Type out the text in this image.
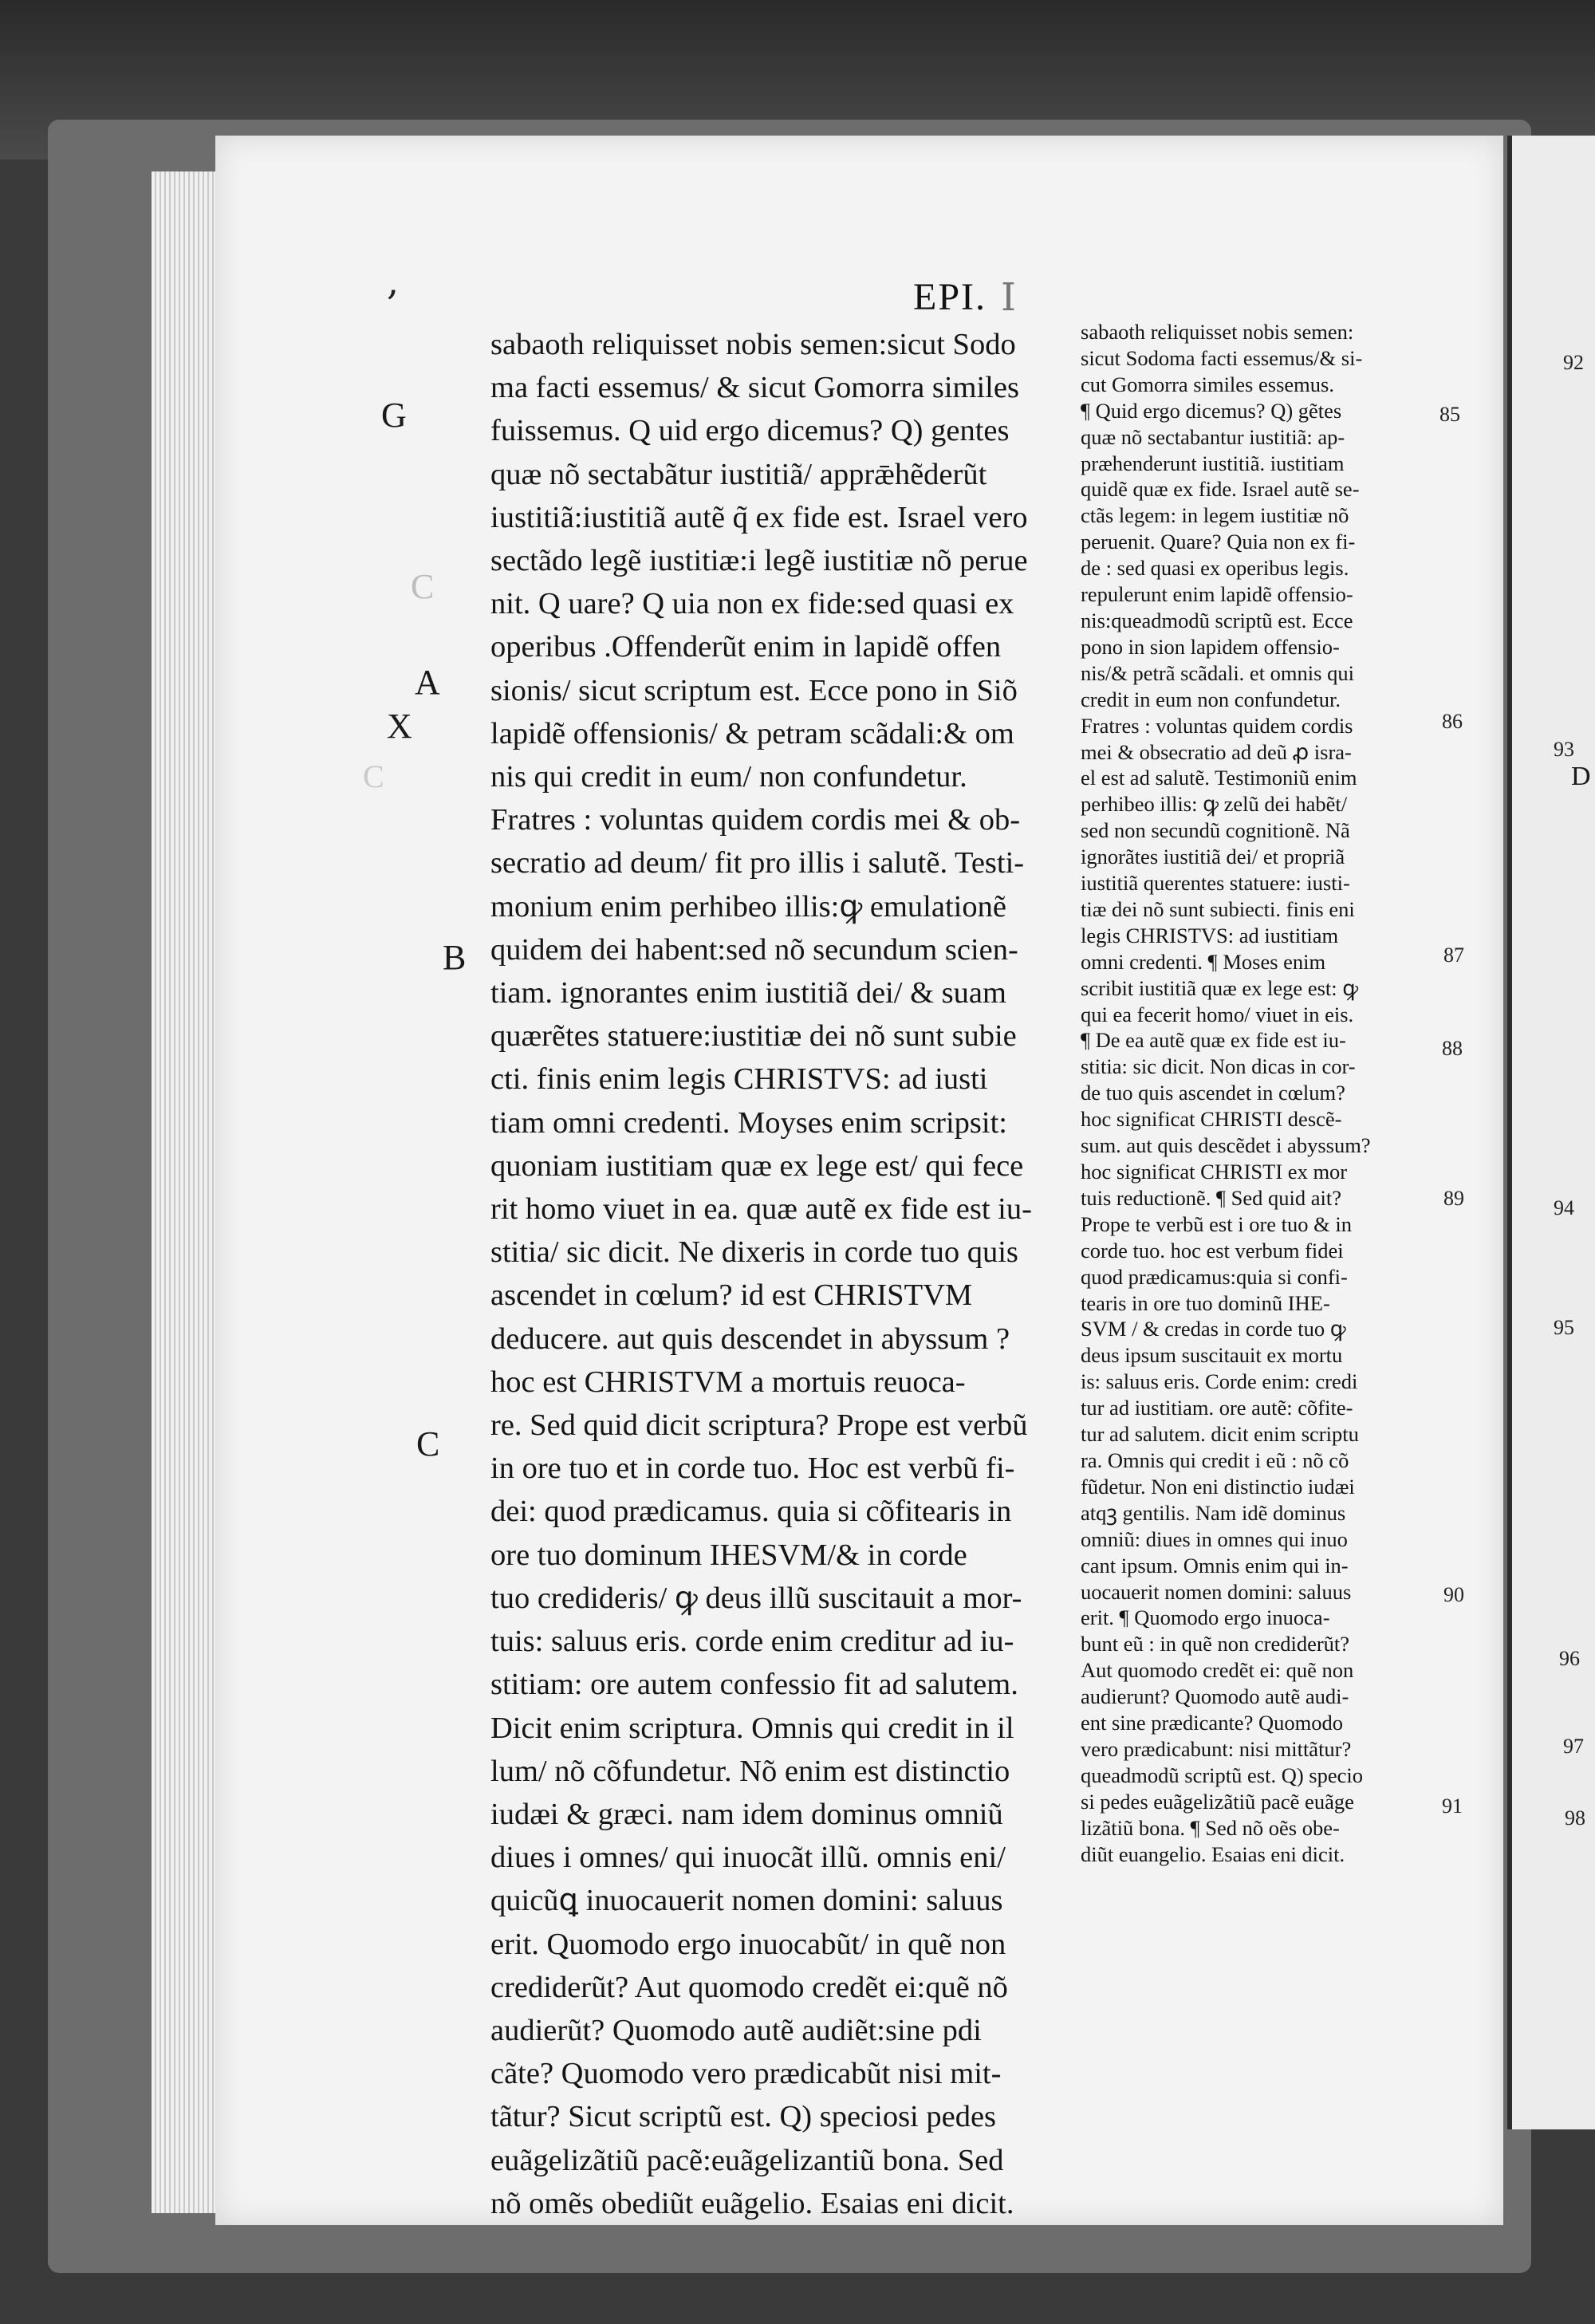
,	EPI. I
C
G
C
A
X
B
C
sabaoth reliquisset nobis semen:sicut Sodo
ma facti essemus/ & sicut Gomorra similes
fuissemus. Q uid ergo dicemus? Q) gentes
quæ nõ sectabãtur iustitiã/ apprǣhẽderũt
iustitiã:iustitiã autẽ q̃ ex fide est. Israel vero
sectãdo legẽ iustitiæ:i legẽ iustitiæ nõ perue
nit. Q uare? Q uia non ex fide:sed quasi ex
operibus .Offenderũt enim in lapidẽ offen
sionis/ sicut scriptum est. Ecce pono in Siõ
lapidẽ offensionis/ & petram scãdali:& om
nis qui credit in eum/ non confundetur.
Fratres : voluntas quidem cordis mei & ob-
secratio ad deum/ fit pro illis i salutẽ. Testi-
monium enim perhibeo illis:ꝙ emulationẽ
quidem dei habent:sed nõ secundum scien-
tiam. ignorantes enim iustitiã dei/ & suam
quærẽtes statuere:iustitiæ dei nõ sunt subie
cti. finis enim legis CHRISTVS: ad iusti
tiam omni credenti. Moyses enim scripsit:
quoniam iustitiam quæ ex lege est/ qui fece
rit homo viuet in ea. quæ autẽ ex fide est iu-
stitia/ sic dicit. Ne dixeris in corde tuo quis
ascendet in cœlum? id est CHRISTVM
deducere. aut quis descendet in abyssum ?
hoc est CHRISTVM a mortuis reuoca-
re. Sed quid dicit scriptura? Prope est verbũ
in ore tuo et in corde tuo. Hoc est verbũ fi-
dei: quod prædicamus. quia si cõfitearis in
ore tuo dominum IHESVM/& in corde
tuo credideris/ ꝙ deus illũ suscitauit a mor-
tuis: saluus eris. corde enim creditur ad iu-
stitiam: ore autem confessio fit ad salutem.
Dicit enim scriptura. Omnis qui credit in il
lum/ nõ cõfundetur. Nõ enim est distinctio
iudæi & græci. nam idem dominus omniũ
diues i omnes/ qui inuocãt illũ. omnis eni/
quicũꝗ inuocauerit nomen domini: saluus
erit. Quomodo ergo inuocabũt/ in quẽ non
crediderũt? Aut quomodo credẽt ei:quẽ nõ
audierũt? Quomodo autẽ audiẽt:sine pdi
cãte? Quomodo vero prædicabũt nisi mit-
tãtur? Sicut scriptũ est. Q) speciosi pedes
euãgelizãtiũ pacẽ:euãgelizantiũ bona. Sed
nõ omẽs obediũt euãgelio. Esaias eni dicit.
sabaoth reliquisset nobis semen:
sicut Sodoma facti essemus/& si-
cut Gomorra similes essemus.
¶ Quid ergo dicemus? Q) gẽtes
quæ nõ sectabantur iustitiã: ap-
præhenderunt iustitiã. iustitiam
quidẽ quæ ex fide. Israel autẽ se-
ctãs legem: in legem iustitiæ nõ
peruenit. Quare? Quia non ex fi-
de : sed quasi ex operibus legis.
repulerunt enim lapidẽ offensio-
nis:queadmodũ scriptũ est. Ecce
pono in sion lapidem offensio-
nis/& petrã scãdali. et omnis qui
credit in eum non confundetur.
Fratres : voluntas quidem cordis
mei & obsecratio ad deũ ꝓ isra-
el est ad salutẽ. Testimoniũ enim
perhibeo illis: ꝙ zelũ dei habẽt/
sed non secundũ cognitionẽ. Nã
ignorãtes iustitiã dei/ et propriã
iustitiã querentes statuere: iusti-
tiæ dei nõ sunt subiecti. finis eni
legis CHRISTVS: ad iustitiam
omni credenti. ¶ Moses enim
scribit iustitiã quæ ex lege est: ꝙ
qui ea fecerit homo/ viuet in eis.
¶ De ea autẽ quæ ex fide est iu-
stitia: sic dicit. Non dicas in cor-
de tuo quis ascendet in cœlum?
hoc significat CHRISTI descẽ-
sum. aut quis descẽdet i abyssum?
hoc significat CHRISTI ex mor
tuis reductionẽ. ¶ Sed quid ait?
Prope te verbũ est i ore tuo & in
corde tuo. hoc est verbum fidei
quod prædicamus:quia si confi-
tearis in ore tuo dominũ IHE-
SVM / & credas in corde tuo ꝙ
deus ipsum suscitauit ex mortu
is: saluus eris. Corde enim: credi
tur ad iustitiam. ore autẽ: cõfite-
tur ad salutem. dicit enim scriptu
ra. Omnis qui credit i eũ : nõ cõ
fũdetur. Non eni distinctio iudæi
atqꝫ gentilis. Nam idẽ dominus
omniũ: diues in omnes qui inuo
cant ipsum. Omnis enim qui in-
uocauerit nomen domini: saluus
erit. ¶ Quomodo ergo inuoca-
bunt eũ : in quẽ non crediderũt?
Aut quomodo credẽt ei: quẽ non
audierunt? Quomodo autẽ audi-
ent sine prædicante? Quomodo
vero prædicabunt: nisi mittãtur?
queadmodũ scriptũ est. Q) specio
si pedes euãgelizãtiũ pacẽ euãge
lizãtiũ bona. ¶ Sed nõ oẽs obe-
diũt euangelio. Esaias eni dicit.
85
86
87
88
89
90
91
92
93
94
95
96
97
98
D
